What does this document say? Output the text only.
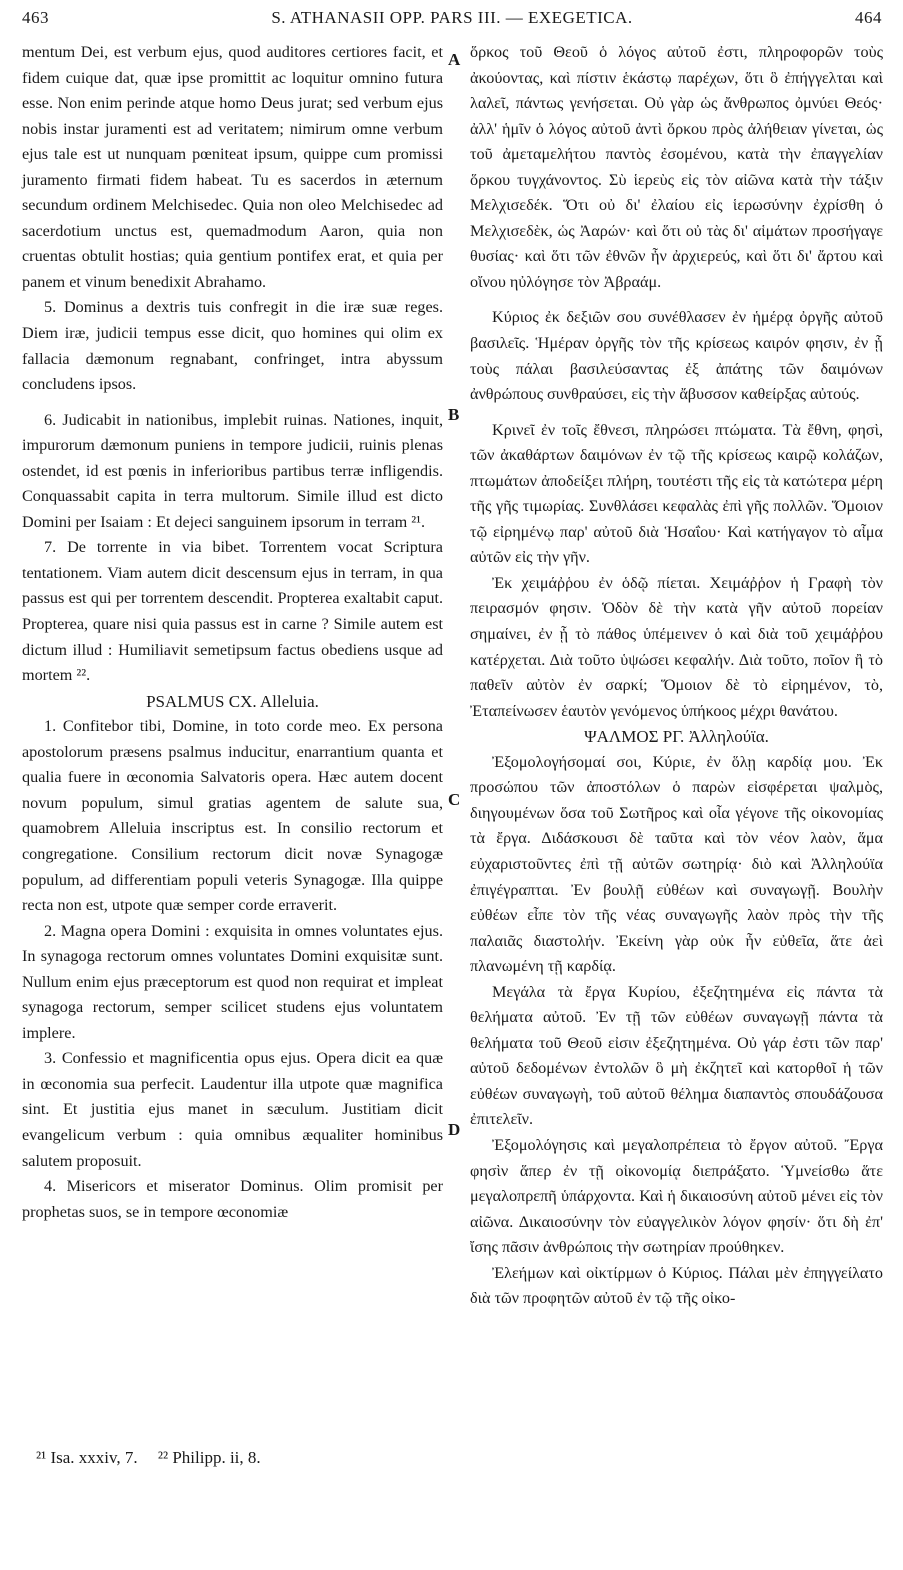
463	S. ATHANASII OPP. PARS III. — EXEGETICA.	464

mentum Dei, est verbum ejus, quod auditores certiores facit, et fidem cuique dat, quæ ipse promittit ac loquitur omnino futura esse. Non enim perinde atque homo Deus jurat; sed verbum ejus nobis instar juramenti est ad veritatem; nimirum omne verbum ejus tale est ut nunquam pœniteat ipsum, quippe cum promissi juramento firmati fidem habeat. Tu es sacerdos in æternum secundum ordinem Melchisedec. Quia non oleo Melchisedec ad sacerdotium unctus est, quemadmodum Aaron, quia non cruentas obtulit hostias; quia gentium pontifex erat, et quia per panem et vinum benedixit Abrahamo.

5. Dominus a dextris tuis confregit in die iræ suæ reges. Diem iræ, judicii tempus esse dicit, quo homines qui olim ex fallacia dæmonum regnabant, confringet, intra abyssum concludens ipsos.

6. Judicabit in nationibus, implebit ruinas. Nationes, inquit, impurorum dæmonum puniens in tempore judicii, ruinis plenas ostendet, id est pœnis in inferioribus partibus terræ infligendis. Conquassabit capita in terra multorum. Simile illud est dicto Domini per Isaiam : Et dejeci sanguinem ipsorum in terram ²¹.

7. De torrente in via bibet. Torrentem vocat Scriptura tentationem. Viam autem dicit descensum ejus in terram, in qua passus est qui per torrentem descendit. Propterea exaltabit caput. Propterea, quare nisi quia passus est in carne ? Simile autem est dictum illud : Humiliavit semetipsum factus obediens usque ad mortem ²².

PSALMUS CX. Alleluia.

1. Confitebor tibi, Domine, in toto corde meo. Ex persona apostolorum præsens psalmus inducitur, enarrantium quanta et qualia fuere in œconomia Salvatoris opera. Hæc autem docent novum populum, simul gratias agentem de salute sua, quamobrem Alleluia inscriptus est. In consilio rectorum et congregatione. Consilium rectorum dicit novæ Synagogæ populum, ad differentiam populi veteris Synagogæ. Illa quippe recta non est, utpote quæ semper corde erraverit.

2. Magna opera Domini : exquisita in omnes voluntates ejus. In synagoga rectorum omnes voluntates Domini exquisitæ sunt. Nullum enim ejus præceptorum est quod non requirat et impleat synagoga rectorum, semper scilicet studens ejus voluntatem implere.

3. Confessio et magnificentia opus ejus. Opera dicit ea quæ in œconomia sua perfecit. Laudentur illa utpote quæ magnifica sint. Et justitia ejus manet in sæculum. Justitiam dicit evangelicum verbum : quia omnibus æqualiter hominibus salutem proposuit.

4. Misericors et miserator Dominus. Olim promisit per prophetas suos, se in tempore œconomiæ

A
B
C
D

ὅρκος τοῦ Θεοῦ ὁ λόγος αὐτοῦ ἐστι, πληροφορῶν τοὺς ἀκούοντας, καὶ πίστιν ἑκάστῳ παρέχων, ὅτι ὃ ἐπήγγελται καὶ λαλεῖ, πάντως γενήσεται. Οὐ γὰρ ὡς ἄνθρωπος ὀμνύει Θεός· ἀλλ' ἡμῖν ὁ λόγος αὐτοῦ ἀντὶ ὅρκου πρὸς ἀλήθειαν γίνεται, ὡς τοῦ ἀμεταμελήτου παντὸς ἐσομένου, κατὰ τὴν ἐπαγγελίαν ὅρκου τυγχάνοντος. Σὺ ἱερεὺς εἰς τὸν αἰῶνα κατὰ τὴν τάξιν Μελχισεδέκ. Ὅτι οὐ δι' ἐλαίου εἰς ἱερωσύνην ἐχρίσθη ὁ Μελχισεδὲκ, ὡς Ἀαρών· καὶ ὅτι οὐ τὰς δι' αἱμάτων προσήγαγε θυσίας· καὶ ὅτι τῶν ἐθνῶν ἦν ἀρχιερεύς, καὶ ὅτι δι' ἄρτου καὶ οἴνου ηὐλόγησε τὸν Ἀβραάμ.

Κύριος ἐκ δεξιῶν σου συνέθλασεν ἐν ἡμέρᾳ ὀργῆς αὐτοῦ βασιλεῖς. Ἡμέραν ὀργῆς τὸν τῆς κρίσεως καιρόν φησιν, ἐν ᾗ τοὺς πάλαι βασιλεύσαντας ἐξ ἀπάτης τῶν δαιμόνων ἀνθρώπους συνθραύσει, εἰς τὴν ἄβυσσον καθείρξας αὐτούς.

Κρινεῖ ἐν τοῖς ἔθνεσι, πληρώσει πτώματα. Τὰ ἔθνη, φησὶ, τῶν ἀκαθάρτων δαιμόνων ἐν τῷ τῆς κρίσεως καιρῷ κολάζων, πτωμάτων ἀποδείξει πλήρη, τουτέστι τῆς εἰς τὰ κατώτερα μέρη τῆς γῆς τιμωρίας. Συνθλάσει κεφαλὰς ἐπὶ γῆς πολλῶν. Ὅμοιον τῷ εἰρημένῳ παρ' αὐτοῦ διὰ Ἡσαΐου· Καὶ κατήγαγον τὸ αἷμα αὐτῶν εἰς τὴν γῆν.

Ἐκ χειμάῤῥου ἐν ὁδῷ πίεται. Χειμάῤῥον ἡ Γραφὴ τὸν πειρασμόν φησιν. Ὁδὸν δὲ τὴν κατὰ γῆν αὐτοῦ πορείαν σημαίνει, ἐν ᾗ τὸ πάθος ὑπέμεινεν ὁ καὶ διὰ τοῦ χειμάῤῥου κατέρχεται. Διὰ τοῦτο ὑψώσει κεφαλήν. Διὰ τοῦτο, ποῖον ἢ τὸ παθεῖν αὐτὸν ἐν σαρκί; Ὅμοιον δὲ τὸ εἰρημένον, τὸ, Ἐταπείνωσεν ἑαυτὸν γενόμενος ὑπήκοος μέχρι θανάτου.

ΨΑΛΜΟΣ ΡΓ. Ἀλληλούϊα.

Ἐξομολογήσομαί σοι, Κύριε, ἐν ὅλῃ καρδίᾳ μου. Ἐκ προσώπου τῶν ἀποστόλων ὁ παρὼν εἰσφέρεται ψαλμὸς, διηγουμένων ὅσα τοῦ Σωτῆρος καὶ οἷα γέγονε τῆς οἰκονομίας τὰ ἔργα. Διδάσκουσι δὲ ταῦτα καὶ τὸν νέον λαὸν, ἅμα εὐχαριστοῦντες ἐπὶ τῇ αὐτῶν σωτηρίᾳ· διὸ καὶ Ἀλληλούϊα ἐπιγέγραπται. Ἐν βουλῇ εὐθέων καὶ συναγωγῇ. Βουλὴν εὐθέων εἶπε τὸν τῆς νέας συναγωγῆς λαὸν πρὸς τὴν τῆς παλαιᾶς διαστολήν. Ἐκείνη γὰρ οὐκ ἦν εὐθεῖα, ἅτε ἀεὶ πλανωμένη τῇ καρδίᾳ.

Μεγάλα τὰ ἔργα Κυρίου, ἐξεζητημένα εἰς πάντα τὰ θελήματα αὐτοῦ. Ἐν τῇ τῶν εὐθέων συναγωγῇ πάντα τὰ θελήματα τοῦ Θεοῦ εἰσιν ἐξεζητημένα. Οὐ γάρ ἐστι τῶν παρ' αὐτοῦ δεδομένων ἐντολῶν ὃ μὴ ἐκζητεῖ καὶ κατορθοῖ ἡ τῶν εὐθέων συναγωγὴ, τοῦ αὐτοῦ θέλημα διαπαντὸς σπουδάζουσα ἐπιτελεῖν.

Ἐξομολόγησις καὶ μεγαλοπρέπεια τὸ ἔργον αὐτοῦ. Ἔργα φησὶν ἅπερ ἐν τῇ οἰκονομίᾳ διεπράξατο. Ὑμνείσθω ἅτε μεγαλοπρεπῆ ὑπάρχοντα. Καὶ ἡ δικαιοσύνη αὐτοῦ μένει εἰς τὸν αἰῶνα. Δικαιοσύνην τὸν εὐαγγελικὸν λόγον φησίν· ὅτι δὴ ἐπ' ἴσης πᾶσιν ἀνθρώποις τὴν σωτηρίαν προύθηκεν.

Ἐλεήμων καὶ οἰκτίρμων ὁ Κύριος. Πάλαι μὲν ἐπηγγείλατο διὰ τῶν προφητῶν αὐτοῦ ἐν τῷ τῆς οἰκο-

²¹ Isa. xxxiv, 7. ²² Philipp. ii, 8.
